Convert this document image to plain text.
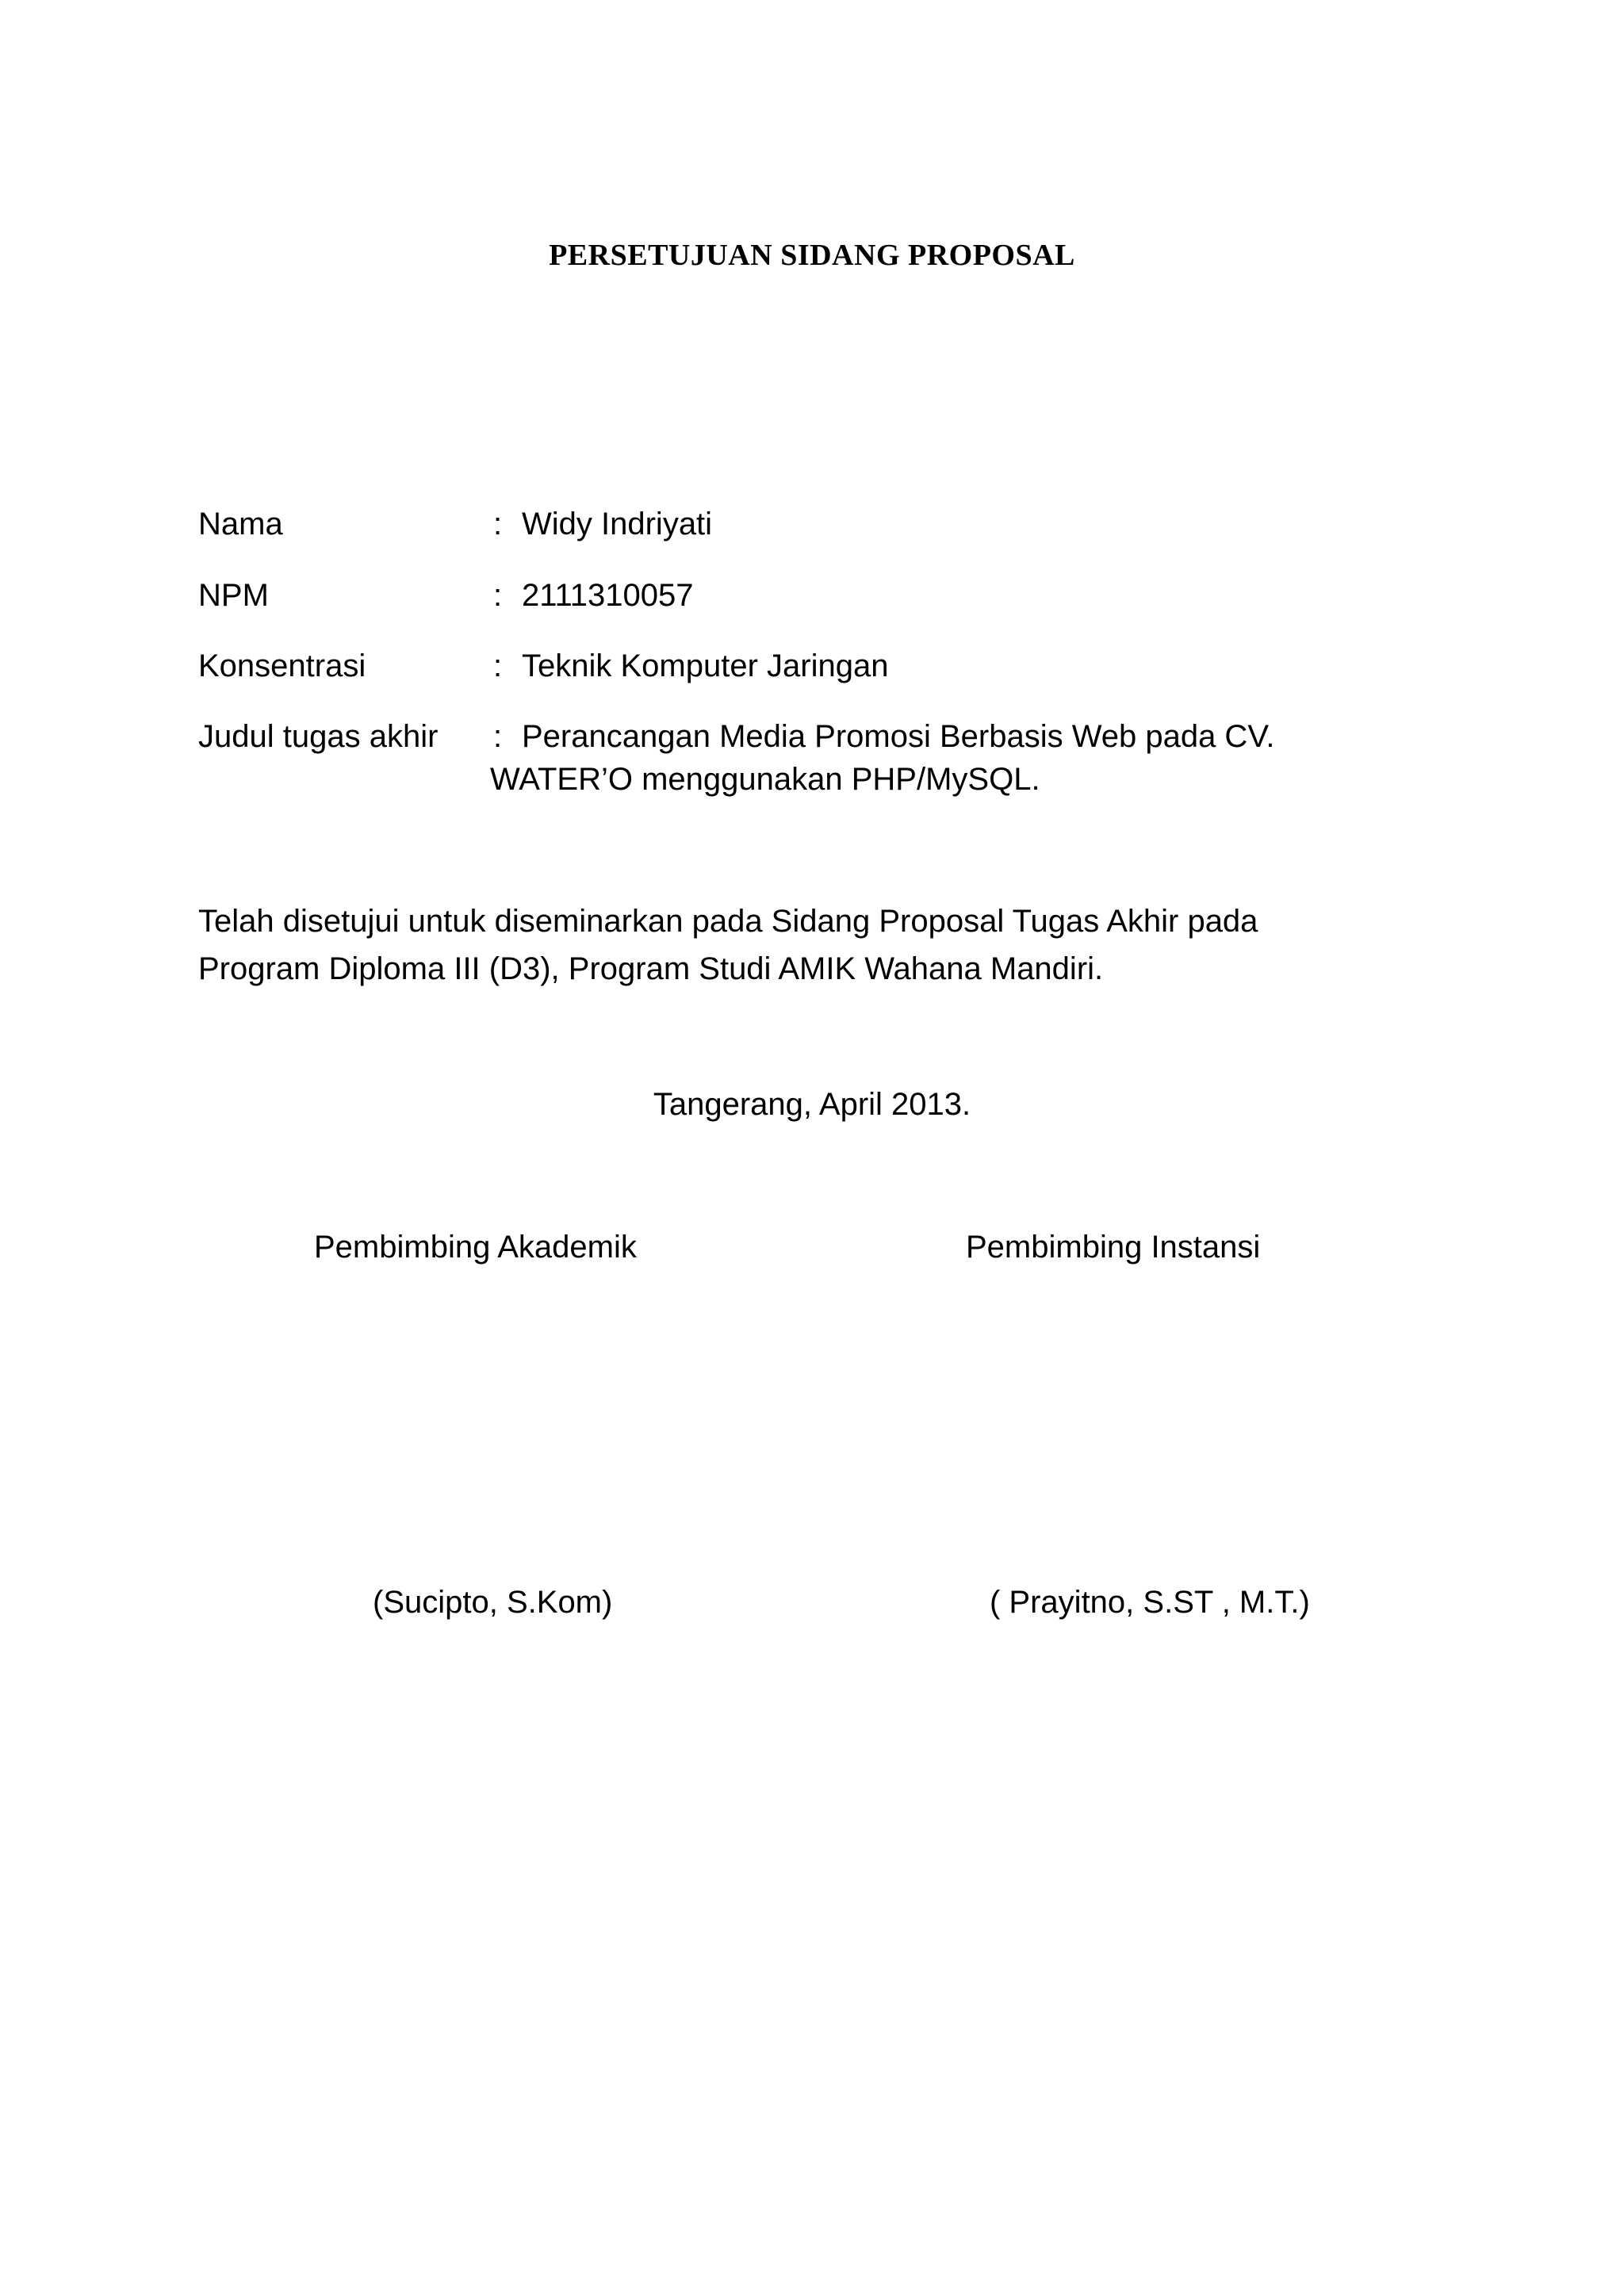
PERSETUJUAN SIDANG PROPOSAL
Nama	: Widy Indriyati
NPM	: 2111310057
Konsentrasi	: Teknik Komputer Jaringan
Judul tugas akhir : Perancangan Media Promosi Berbasis Web pada CV.
WATER’O menggunakan PHP/MySQL.
Telah disetujui untuk diseminarkan pada Sidang Proposal Tugas Akhir pada
Program Diploma III (D3), Program Studi AMIK Wahana Mandiri.
Tangerang, April 2013.
Pembimbing Akademik	Pembimbing Instansi
(Sucipto, S.Kom)	( Prayitno, S.ST , M.T.)
